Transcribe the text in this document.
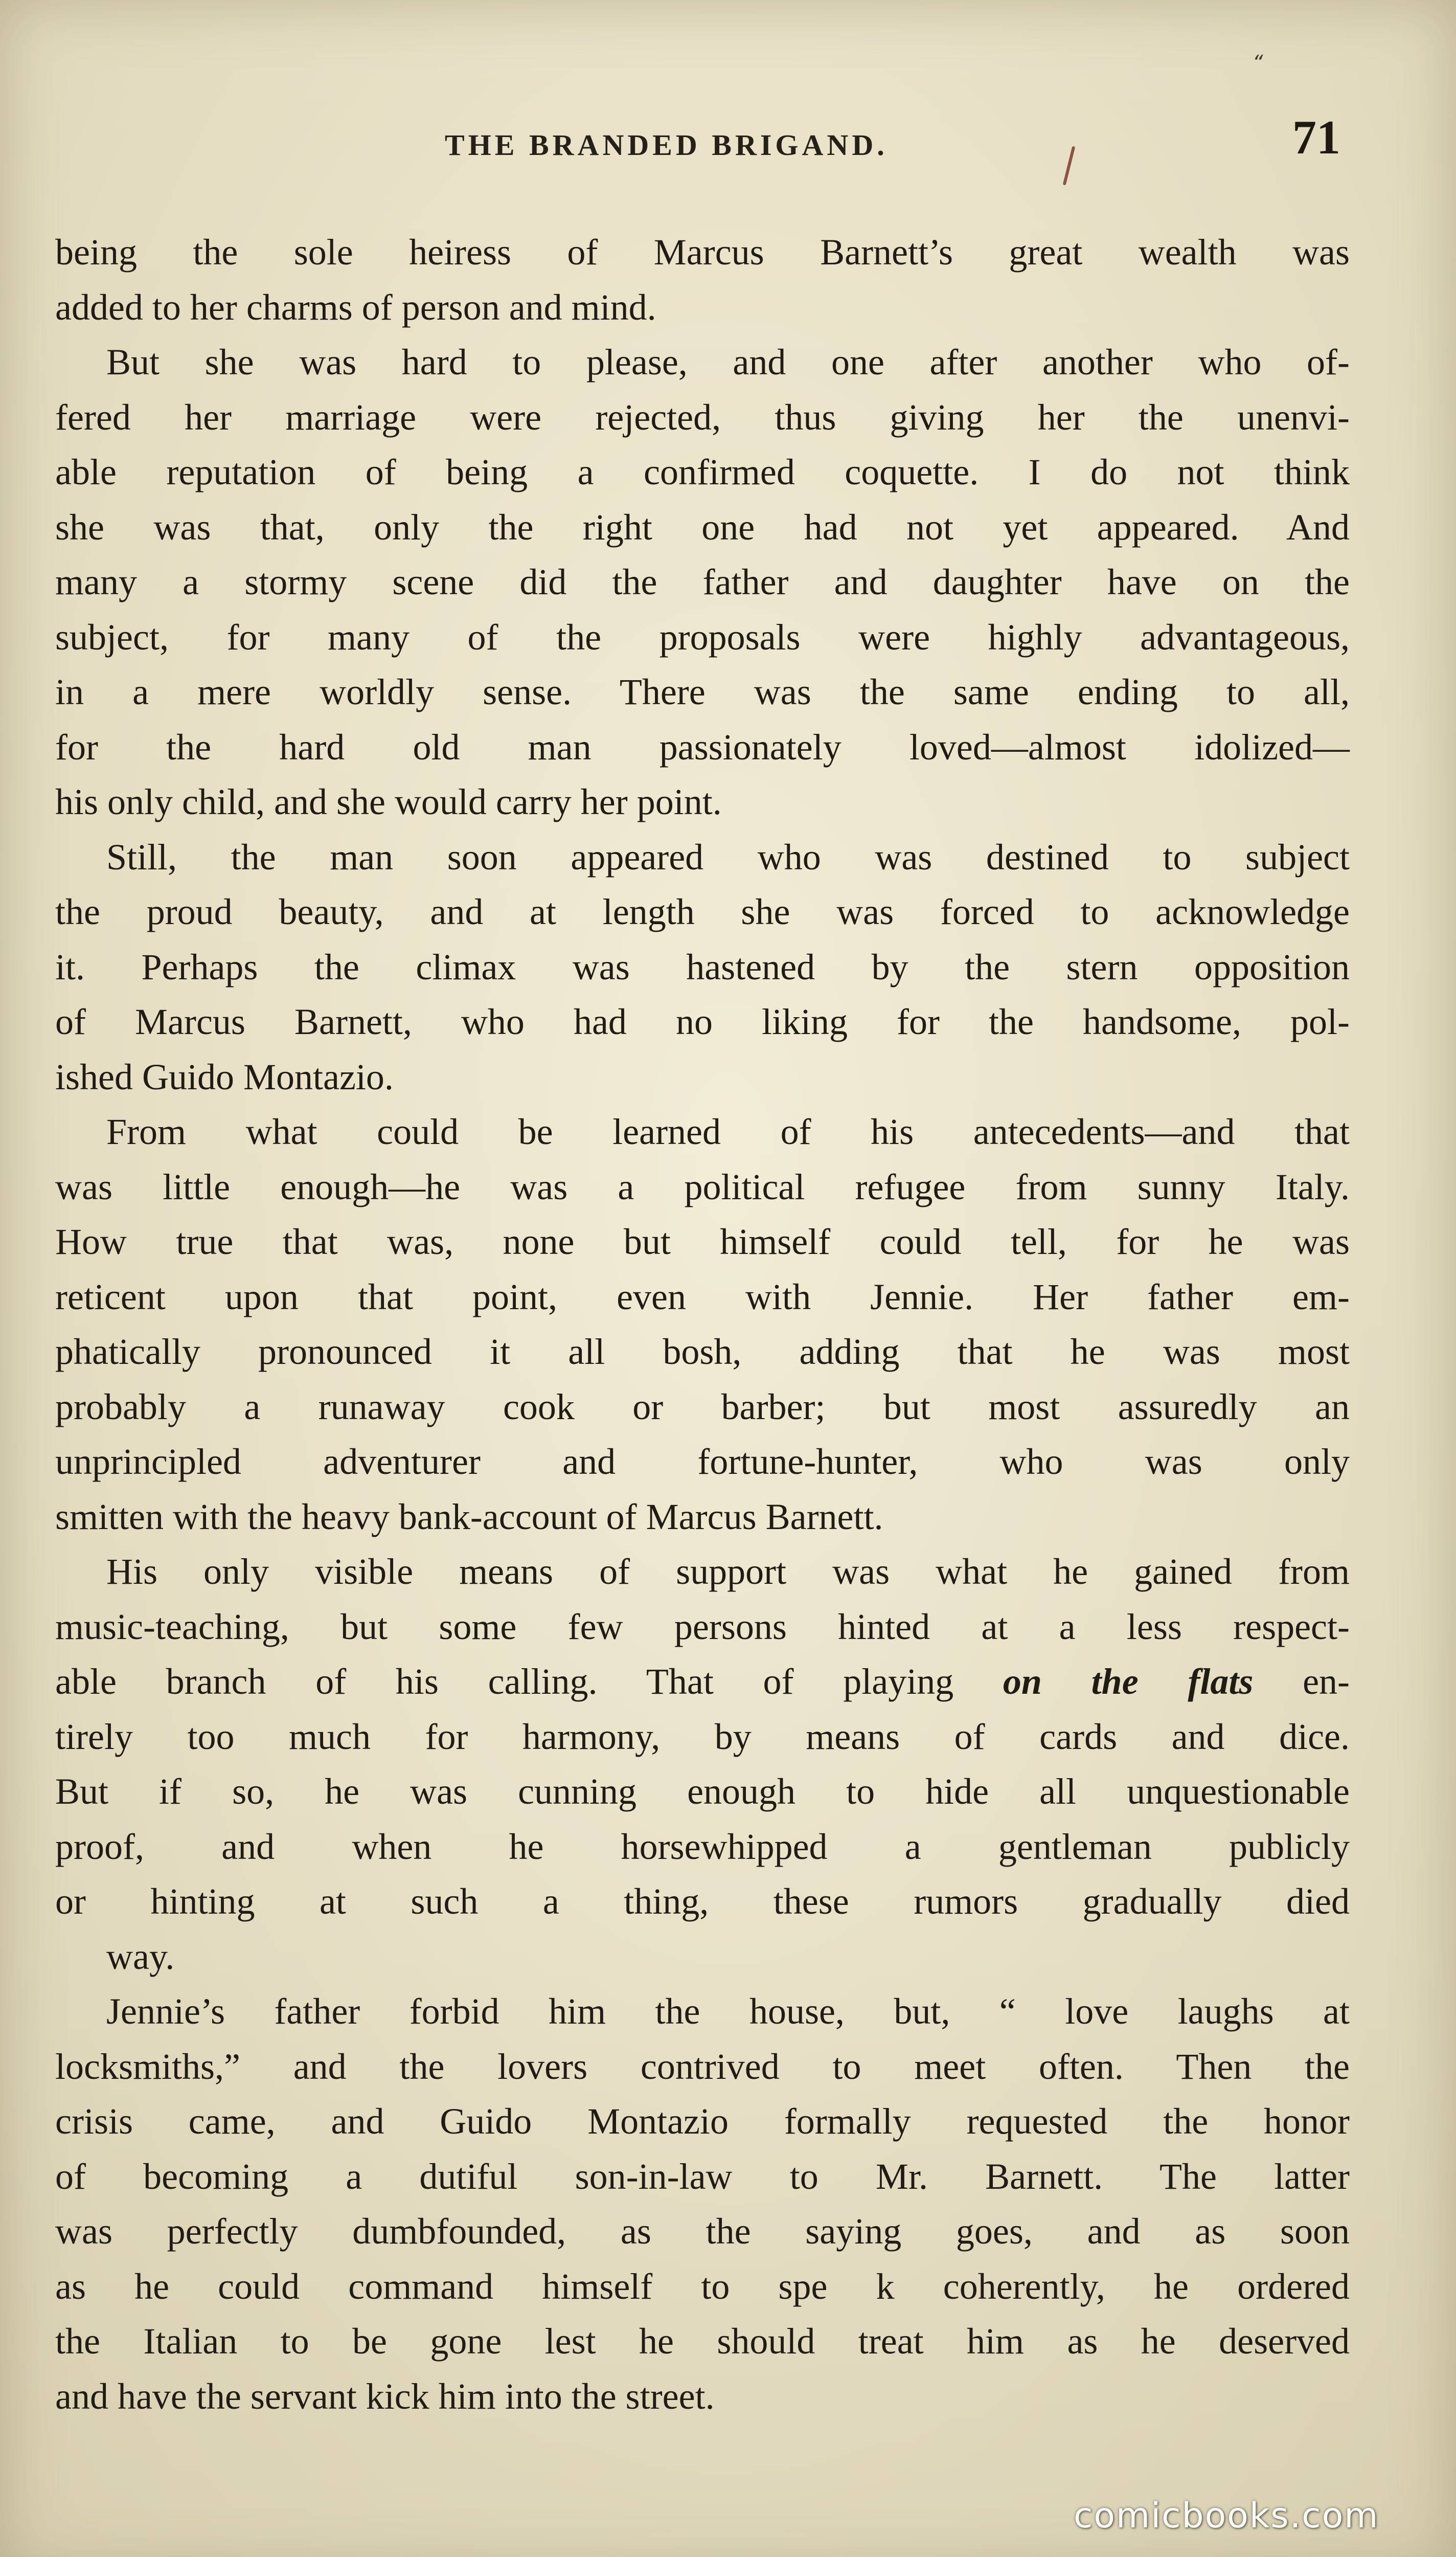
“
THE BRANDED BRIGAND.	71
being the sole heiress of Marcus Barnett’s great wealth was
added to her charms of person and mind.
But she was hard to please, and one after another who of-
fered her marriage were rejected, thus giving her the unenvi-
able reputation of being a confirmed coquette. I do not think
she was that, only the right one had not yet appeared. And
many a stormy scene did the father and daughter have on the
subject, for many of the proposals were highly advantageous,
in a mere worldly sense. There was the same ending to all,
for the hard old man passionately loved—almost idolized—
his only child, and she would carry her point.
Still, the man soon appeared who was destined to subject
the proud beauty, and at length she was forced to acknowledge
it. Perhaps the climax was hastened by the stern opposition
of Marcus Barnett, who had no liking for the handsome, pol-
ished Guido Montazio.
From what could be learned of his antecedents—and that
was little enough—he was a political refugee from sunny Italy.
How true that was, none but himself could tell, for he was
reticent upon that point, even with Jennie. Her father em-
phatically pronounced it all bosh, adding that he was most
probably a runaway cook or barber; but most assuredly an
unprincipled adventurer and fortune-hunter, who was only
smitten with the heavy bank-account of Marcus Barnett.
His only visible means of support was what he gained from
music-teaching, but some few persons hinted at a less respect-
able branch of his calling. That of playing on the flats en-
tirely too much for harmony, by means of cards and dice.
But if so, he was cunning enough to hide all unquestionable
proof, and when he horsewhipped a gentleman publicly
or hinting at such a thing, these rumors gradually died
way.
Jennie’s father forbid him the house, but, “ love laughs at
locksmiths,” and the lovers contrived to meet often. Then the
crisis came, and Guido Montazio formally requested the honor
of becoming a dutiful son-in-law to Mr. Barnett. The latter
was perfectly dumbfounded, as the saying goes, and as soon
as he could command himself to spe k coherently, he ordered
the Italian to be gone lest he should treat him as he deserved
and have the servant kick him into the street.
comicbooks.com
